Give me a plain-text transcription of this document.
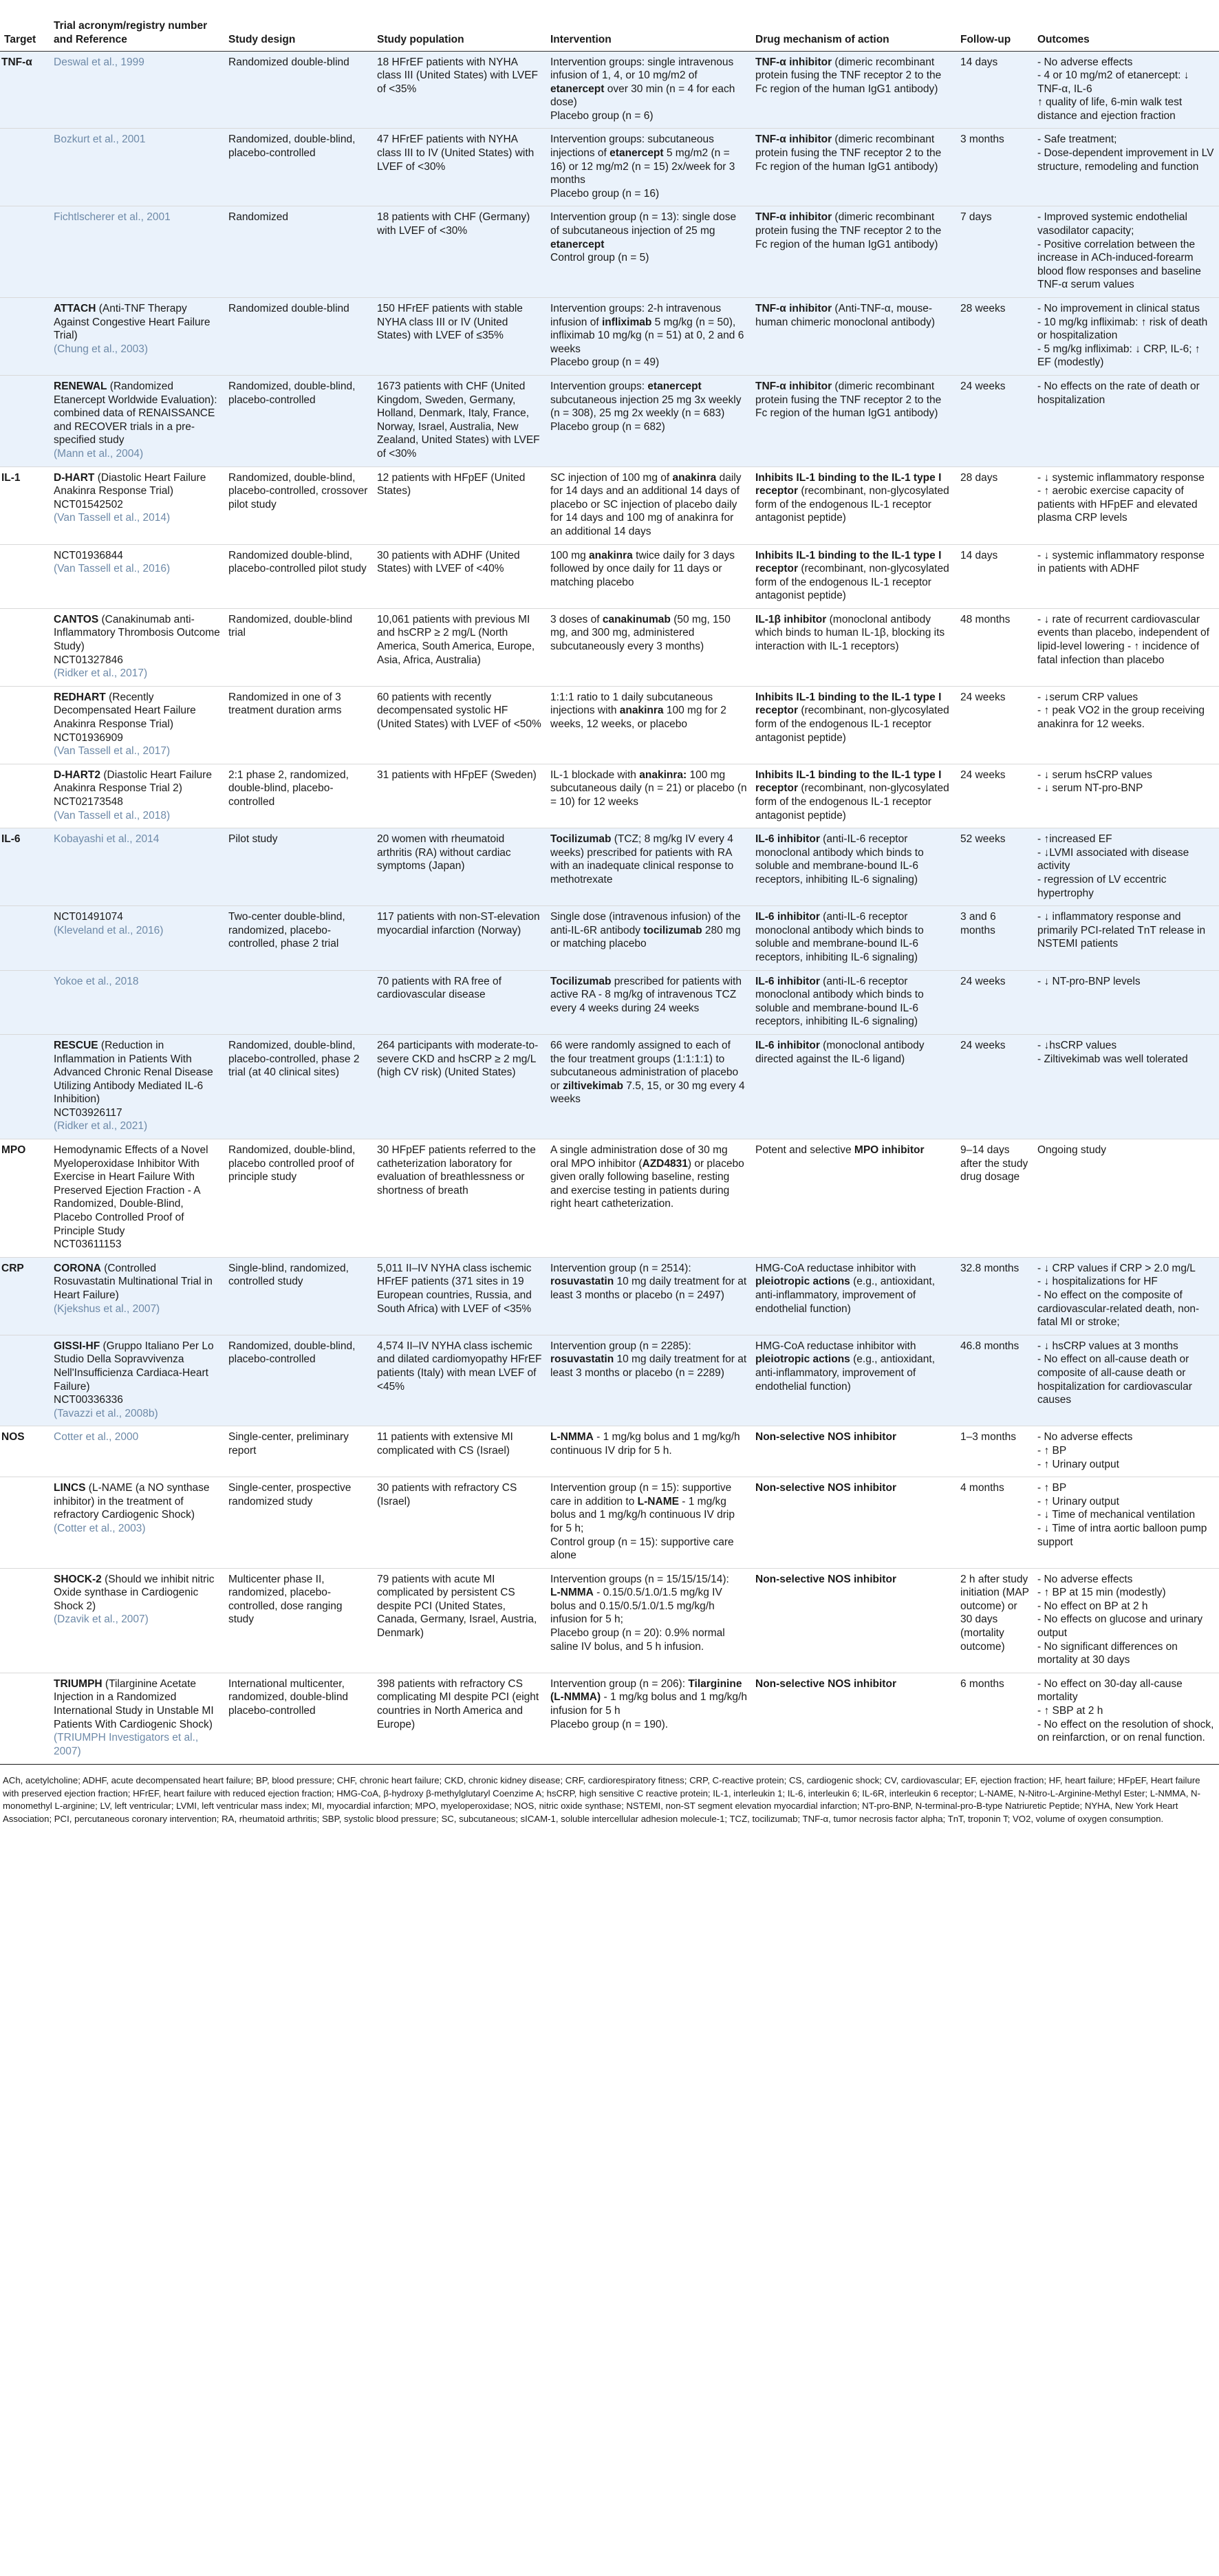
Target	Trial acronym/registry number and Reference	Study design	Study population	Intervention	Drug mechanism of action	Follow-up	Outcomes
TNF-α	Deswal et al., 1999	Randomized double-blind	18 HFrEF patients with NYHA class III (United States) with LVEF of <35%	Intervention groups: single intravenous infusion of 1, 4, or 10 mg/m2 of etanercept over 30 min (n = 4 for each dose)
Placebo group (n = 6)	TNF-α inhibitor (dimeric recombinant protein fusing the TNF receptor 2 to the Fc region of the human IgG1 antibody)	14 days	- No adverse effects
- 4 or 10 mg/m2 of etanercept: ↓ TNF-α, IL-6
↑ quality of life, 6-min walk test distance and ejection fraction

	Bozkurt et al., 2001	Randomized, double-blind, placebo-controlled	47 HFrEF patients with NYHA class III to IV (United States) with LVEF of <30%	Intervention groups: subcutaneous injections of etanercept 5 mg/m2 (n = 16) or 12 mg/m2 (n = 15) 2x/week for 3 months
Placebo group (n = 16)	TNF-α inhibitor (dimeric recombinant protein fusing the TNF receptor 2 to the Fc region of the human IgG1 antibody)	3 months	- Safe treatment;
- Dose-dependent improvement in LV structure, remodeling and function

	Fichtlscherer et al., 2001	Randomized	18 patients with CHF (Germany) with LVEF of <30%	Intervention group (n = 13): single dose of subcutaneous injection of 25 mg etanercept
Control group (n = 5)	TNF-α inhibitor (dimeric recombinant protein fusing the TNF receptor 2 to the Fc region of the human IgG1 antibody)	7 days	- Improved systemic endothelial vasodilator capacity;
- Positive correlation between the increase in ACh-induced-forearm blood flow responses and baseline TNF-α serum values

	ATTACH (Anti-TNF Therapy Against Congestive Heart Failure Trial)
(Chung et al., 2003)	Randomized double-blind	150 HFrEF patients with stable NYHA class III or IV (United States) with LVEF of ≤35%	Intervention groups: 2-h intravenous infusion of infliximab 5 mg/kg (n = 50), infliximab 10 mg/kg (n = 51) at 0, 2 and 6 weeks
Placebo group (n = 49)	TNF-α inhibitor (Anti-TNF-α, mouse-human chimeric monoclonal antibody)	28 weeks	- No improvement in clinical status
- 10 mg/kg infliximab: ↑ risk of death or hospitalization
- 5 mg/kg infliximab: ↓ CRP, IL-6; ↑ EF (modestly)

	RENEWAL (Randomized Etanercept Worldwide Evaluation): combined data of RENAISSANCE and RECOVER trials in a pre-specified study
(Mann et al., 2004)	Randomized, double-blind, placebo-controlled	1673 patients with CHF (United Kingdom, Sweden, Germany, Holland, Denmark, Italy, France, Norway, Israel, Australia, New Zealand, United States) with LVEF of <30%	Intervention groups: etanercept subcutaneous injection 25 mg 3x weekly (n = 308), 25 mg 2x weekly (n = 683)
Placebo group (n = 682)	TNF-α inhibitor (dimeric recombinant protein fusing the TNF receptor 2 to the Fc region of the human IgG1 antibody)	24 weeks	- No effects on the rate of death or hospitalization

IL-1	D-HART (Diastolic Heart Failure Anakinra Response Trial)
NCT01542502
(Van Tassell et al., 2014)	Randomized, double-blind, placebo-controlled, crossover pilot study	12 patients with HFpEF (United States)	SC injection of 100 mg of anakinra daily for 14 days and an additional 14 days of placebo or SC injection of placebo daily for 14 days and 100 mg of anakinra for an additional 14 days	Inhibits IL-1 binding to the IL-1 type I receptor (recombinant, non-glycosylated form of the endogenous IL-1 receptor antagonist peptide)	28 days	- ↓ systemic inflammatory response
- ↑ aerobic exercise capacity of patients with HFpEF and elevated plasma CRP levels

	NCT01936844
(Van Tassell et al., 2016)	Randomized double-blind, placebo-controlled pilot study	30 patients with ADHF (United States) with LVEF of <40%	100 mg anakinra twice daily for 3 days followed by once daily for 11 days or matching placebo	Inhibits IL-1 binding to the IL-1 type I receptor (recombinant, non-glycosylated form of the endogenous IL-1 receptor antagonist peptide)	14 days	- ↓ systemic inflammatory response in patients with ADHF

	CANTOS (Canakinumab anti-Inflammatory Thrombosis Outcome Study)
NCT01327846
(Ridker et al., 2017)	Randomized, double-blind trial	10,061 patients with previous MI and hsCRP ≥ 2 mg/L (North America, South America, Europe, Asia, Africa, Australia)	3 doses of canakinumab (50 mg, 150 mg, and 300 mg, administered subcutaneously every 3 months)	IL-1β inhibitor (monoclonal antibody which binds to human IL-1β, blocking its interaction with IL-1 receptors)	48 months	- ↓ rate of recurrent cardiovascular events than placebo, independent of lipid-level lowering - ↑ incidence of fatal infection than placebo

	REDHART (Recently Decompensated Heart Failure Anakinra Response Trial)
NCT01936909
(Van Tassell et al., 2017)	Randomized in one of 3 treatment duration arms	60 patients with recently decompensated systolic HF (United States) with LVEF of <50%	1:1:1 ratio to 1 daily subcutaneous injections with anakinra 100 mg for 2 weeks, 12 weeks, or placebo	Inhibits IL-1 binding to the IL-1 type I receptor (recombinant, non-glycosylated form of the endogenous IL-1 receptor antagonist peptide)	24 weeks	- ↓serum CRP values
- ↑ peak VO2 in the group receiving anakinra for 12 weeks.

	D-HART2 (Diastolic Heart Failure Anakinra Response Trial 2)
NCT02173548
(Van Tassell et al., 2018)	2:1 phase 2, randomized, double-blind, placebo-controlled	31 patients with HFpEF (Sweden)	IL-1 blockade with anakinra: 100 mg subcutaneous daily (n = 21) or placebo (n = 10) for 12 weeks	Inhibits IL-1 binding to the IL-1 type I receptor (recombinant, non-glycosylated form of the endogenous IL-1 receptor antagonist peptide)	24 weeks	- ↓ serum hsCRP values
- ↓ serum NT-pro-BNP

IL-6	Kobayashi et al., 2014	Pilot study	20 women with rheumatoid arthritis (RA) without cardiac symptoms (Japan)	Tocilizumab (TCZ; 8 mg/kg IV every 4 weeks) prescribed for patients with RA with an inadequate clinical response to methotrexate	IL-6 inhibitor (anti-IL-6 receptor monoclonal antibody which binds to soluble and membrane-bound IL-6 receptors, inhibiting IL-6 signaling)	52 weeks	- ↑increased EF
- ↓LVMI associated with disease activity
- regression of LV eccentric hypertrophy

	NCT01491074
(Kleveland et al., 2016)	Two-center double-blind, randomized, placebo-controlled, phase 2 trial	117 patients with non-ST-elevation myocardial infarction (Norway)	Single dose (intravenous infusion) of the anti-IL-6R antibody tocilizumab 280 mg or matching placebo	IL-6 inhibitor (anti-IL-6 receptor monoclonal antibody which binds to soluble and membrane-bound IL-6 receptors, inhibiting IL-6 signaling)	3 and 6 months	- ↓ inflammatory response and primarily PCI-related TnT release in NSTEMI patients

	Yokoe et al., 2018		70 patients with RA free of cardiovascular disease	Tocilizumab prescribed for patients with active RA - 8 mg/kg of intravenous TCZ every 4 weeks during 24 weeks	IL-6 inhibitor (anti-IL-6 receptor monoclonal antibody which binds to soluble and membrane-bound IL-6 receptors, inhibiting IL-6 signaling)	24 weeks	- ↓ NT-pro-BNP levels

	RESCUE (Reduction in Inflammation in Patients With Advanced Chronic Renal Disease Utilizing Antibody Mediated IL-6 Inhibition)
NCT03926117
(Ridker et al., 2021)	Randomized, double-blind, placebo-controlled, phase 2 trial (at 40 clinical sites)	264 participants with moderate-to-severe CKD and hsCRP ≥ 2 mg/L (high CV risk) (United States)	66 were randomly assigned to each of the four treatment groups (1:1:1:1) to subcutaneous administration of placebo or ziltivekimab 7.5, 15, or 30 mg every 4 weeks	IL-6 inhibitor (monoclonal antibody directed against the IL-6 ligand)	24 weeks	- ↓hsCRP values
- Ziltivekimab was well tolerated

MPO	Hemodynamic Effects of a Novel Myeloperoxidase Inhibitor With Exercise in Heart Failure With Preserved Ejection Fraction - A Randomized, Double-Blind, Placebo Controlled Proof of Principle Study
NCT03611153	Randomized, double-blind, placebo controlled proof of principle study	30 HFpEF patients referred to the catheterization laboratory for evaluation of breathlessness or shortness of breath	A single administration dose of 30 mg oral MPO inhibitor (AZD4831) or placebo given orally following baseline, resting and exercise testing in patients during right heart catheterization.	Potent and selective MPO inhibitor	9–14 days after the study drug dosage	Ongoing study

CRP	CORONA (Controlled Rosuvastatin Multinational Trial in Heart Failure)
(Kjekshus et al., 2007)	Single-blind, randomized, controlled study	5,011 II–IV NYHA class ischemic HFrEF patients (371 sites in 19 European countries, Russia, and South Africa) with LVEF of <35%	Intervention group (n = 2514): rosuvastatin 10 mg daily treatment for at least 3 months or placebo (n = 2497)	HMG-CoA reductase inhibitor with pleiotropic actions (e.g., antioxidant, anti-inflammatory, improvement of endothelial function)	32.8 months	- ↓ CRP values if CRP > 2.0 mg/L
- ↓ hospitalizations for HF
- No effect on the composite of cardiovascular-related death, non-fatal MI or stroke;

	GISSI-HF (Gruppo Italiano Per Lo Studio Della Sopravvivenza Nell'Insufficienza Cardiaca-Heart Failure)
NCT00336336
(Tavazzi et al., 2008b)	Randomized, double-blind, placebo-controlled	4,574 II–IV NYHA class ischemic and dilated cardiomyopathy HFrEF patients (Italy) with mean LVEF of <45%	Intervention group (n = 2285): rosuvastatin 10 mg daily treatment for at least 3 months or placebo (n = 2289)	HMG-CoA reductase inhibitor with pleiotropic actions (e.g., antioxidant, anti-inflammatory, improvement of endothelial function)	46.8 months	- ↓ hsCRP values at 3 months
- No effect on all-cause death or composite of all-cause death or hospitalization for cardiovascular causes

NOS	Cotter et al., 2000	Single-center, preliminary report	11 patients with extensive MI complicated with CS (Israel)	L-NMMA - 1 mg/kg bolus and 1 mg/kg/h continuous IV drip for 5 h.	Non-selective NOS inhibitor	1–3 months	- No adverse effects
- ↑ BP
- ↑ Urinary output

	LINCS (L-NAME (a NO synthase inhibitor) in the treatment of refractory Cardiogenic Shock)
(Cotter et al., 2003)	Single-center, prospective randomized study	30 patients with refractory CS (Israel)	Intervention group (n = 15): supportive care in addition to L-NAME - 1 mg/kg bolus and 1 mg/kg/h continuous IV drip for 5 h;
Control group (n = 15): supportive care alone	Non-selective NOS inhibitor	4 months	- ↑ BP
- ↑ Urinary output
- ↓ Time of mechanical ventilation
- ↓ Time of intra aortic balloon pump support

	SHOCK-2 (Should we inhibit nitric Oxide synthase in Cardiogenic Shock 2)
(Dzavik et al., 2007)	Multicenter phase II, randomized, placebo-controlled, dose ranging study	79 patients with acute MI complicated by persistent CS despite PCI (United States, Canada, Germany, Israel, Austria, Denmark)	Intervention groups (n = 15/15/15/14):
L-NMMA - 0.15/0.5/1.0/1.5 mg/kg IV bolus and 0.15/0.5/1.0/1.5 mg/kg/h infusion for 5 h;
Placebo group (n = 20): 0.9% normal saline IV bolus, and 5 h infusion.	Non-selective NOS inhibitor	2 h after study initiation (MAP outcome) or 30 days (mortality outcome)	- No adverse effects
- ↑ BP at 15 min (modestly)
- No effect on BP at 2 h
- No effects on glucose and urinary output
- No significant differences on mortality at 30 days

	TRIUMPH (Tilarginine Acetate Injection in a Randomized International Study in Unstable MI Patients With Cardiogenic Shock)
(TRIUMPH Investigators et al., 2007)	International multicenter, randomized, double-blind placebo-controlled	398 patients with refractory CS complicating MI despite PCI (eight countries in North America and Europe)	Intervention group (n = 206): Tilarginine (L-NMMA) - 1 mg/kg bolus and 1 mg/kg/h infusion for 5 h
Placebo group (n = 190).	Non-selective NOS inhibitor	6 months	- No effect on 30-day all-cause mortality
- ↑ SBP at 2 h
- No effect on the resolution of shock, on reinfarction, or on renal function.
ACh, acetylcholine; ADHF, acute decompensated heart failure; BP, blood pressure; CHF, chronic heart failure; CKD, chronic kidney disease; CRF, cardiorespiratory fitness; CRP, C-reactive protein; CS, cardiogenic shock; CV, cardiovascular; EF, ejection fraction; HF, heart failure; HFpEF, Heart failure with preserved ejection fraction; HFrEF, heart failure with reduced ejection fraction; HMG-CoA, β-hydroxy β-methylglutaryl Coenzime A; hsCRP, high sensitive C reactive protein; IL-1, interleukin 1; IL-6, interleukin 6; IL-6R, interleukin 6 receptor; L-NAME, N-Nitro-L-Arginine-Methyl Ester; L-NMMA, N-monomethyl L-arginine; LV, left ventricular; LVMI, left ventricular mass index; MI, myocardial infarction; MPO, myeloperoxidase; NOS, nitric oxide synthase; NSTEMI, non-ST segment elevation myocardial infarction; NT-pro-BNP, N-terminal-pro-B-type Natriuretic Peptide; NYHA, New York Heart Association; PCI, percutaneous coronary intervention; RA, rheumatoid arthritis; SBP, systolic blood pressure; SC, subcutaneous; sICAM-1, soluble intercellular adhesion molecule-1; TCZ, tocilizumab; TNF-α, tumor necrosis factor alpha; TnT, troponin T; VO2, volume of oxygen consumption.
